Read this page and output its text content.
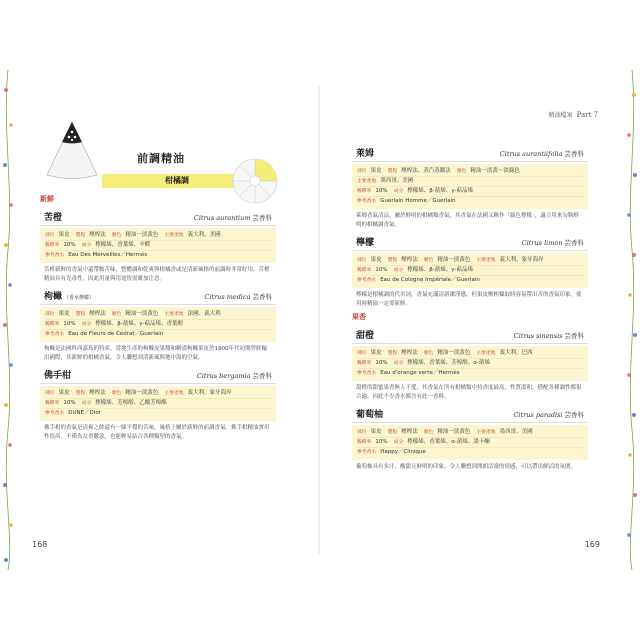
前調精油
柑橘調
新鮮
苦橙	Citrus aurantium 芸香科
部位 果皮 製程 壓榨法 顏色 精油一淡黃色 主要產地 義大利、美國
稀釋率 10% 成分 檸檬烯、香葉烯、辛醛
參考香水 Eau Des Merveilles／Hermès
苦橙新鮮的香氣中還帶點苦味，整體調和乾爽與柑橘香或是清新風格的前調時非常好用。苦橙精油具有光毒性，因此用量與用途皆需嚴加注意。
枸櫞 （香水檸檬）	Citrus medica 芸香科
部位 果皮 製程 壓榨法 顏色 精油一淡黃色 主要產地 法國、義大利
稀釋率 10% 成分 檸檬烯、β-蒎烯、γ-萜品烯、香葉醇
參考香水 Eau de Fleurs de Cédrat／Guerlain
枸櫞是法國科西嘉島的特產，當地生產的枸櫞皮果醬和糖漬枸櫞果皮於1900年代初期曾經輸出國際，其新鮮的柑橘香氣，令人聯想到清新風與地中海的空氣。
佛手柑	Citrus bergamia 芸香科
部位 果皮 製程 壓榨法 顏色 精油一淡黃色 主要產地 義大利、象牙海岸
稀釋率 10% 成分 檸檬烯、芳樟醇、乙酸芳樟酯
參考香水 DUNE／Dior
佛手柑的香氣是清爽之餘還有一絲平穩的苦味，風格上屬於新鮮的前調香氣。佛手柑精油實用性很高，不僅為女香數款，也能輕易結合各種類型的香氣。
168
精油檔案 Part 7
萊姆	Citrus aurantiifolia 芸香科
部位 果皮 製程 壓榨法、蒸汽蒸餾法 顏色 精油一淡黃～淡綠色
主要產地 墨西哥、美國
稀釋率 10% 成分 檸檬烯、β-蒎烯、γ-萜品烯
參考香水 Guerlain Homme／Guerlain
萊姆香氣清涼，屬於鮮明的柑橘類香氣，其香氣在法國又稱作「綠色檸檬」，適合用來勾勒鮮明的柑橘調香氣。
檸檬	Citrus limon 芸香科
部位 果皮 製程 壓榨法 顏色 精油一淡黃色 主要產地 義大利、象牙海岸
稀釋率 10% 成分 檸檬烯、β-蒎烯、γ-萜品烯
參考香水 Eau de Cologne Impériale／Guerlain
檸檬是柑橘調的代名詞，香氣充滿清新潔淨感，但果皮壓榨擷取時容易帶出苦的香氣印象，使用時精油一定要新鮮。
果香
甜橙	Citrus sinensis 芸香科
部位 果皮 製程 壓榨法 顏色 精油一淡黃色 主要產地 義大利、巴西
稀釋率 10% 成分 檸檬烯、香葉烯、芳樟醇、α-蒎烯
參考香水 Eau d'orange verte／Hermès
甜橙的甜蜜果香無人不愛，其香氣在所有柑橘類中持香度最高，性質溫和，搭配各種調性都很合適，因此不少香水都含有此一香料。
葡萄柚	Citrus paradisi 芸香科
部位 果皮 製程 壓榨法 顏色 精油一淡黃色 主要產地 墨西哥、美國
稀釋率 10% 成分 檸檬烯、香葉烯、α-蒎烯、諾卡酮
參考香水 Happy／Clinique
葡萄柚具有多汁、酸甜且鮮明的印象，令人聯想到開朗活潑的情感，可以帶出鮮活的氛圍。
169
